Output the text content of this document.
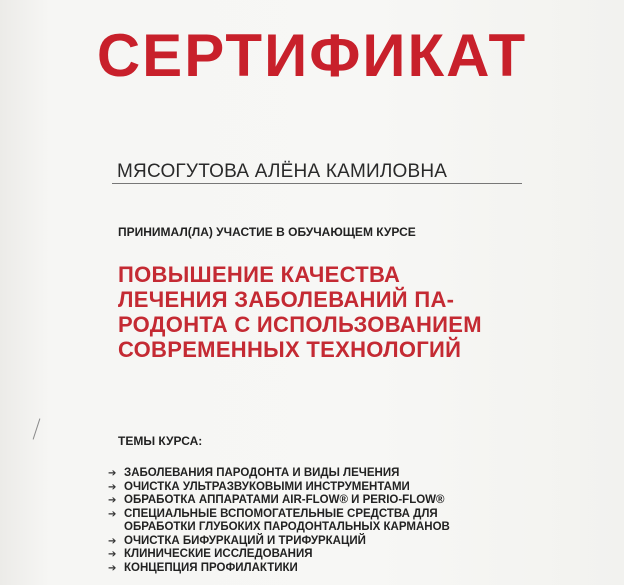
СЕРТИФИКАТ
МЯСОГУТОВА АЛЁНА КАМИЛОВНА
ПРИНИМАЛ(ЛА) УЧАСТИЕ В ОБУЧАЮЩЕМ КУРСЕ
ПОВЫШЕНИЕ КАЧЕСТВА
ЛЕЧЕНИЯ ЗАБОЛЕВАНИЙ ПА-
РОДОНТА С ИСПОЛЬЗОВАНИЕМ
СОВРЕМЕННЫХ ТЕХНОЛОГИЙ
ТЕМЫ КУРСА:
➔ ЗАБОЛЕВАНИЯ ПАРОДОНТА И ВИДЫ ЛЕЧЕНИЯ
➔ ОЧИСТКА УЛЬТРАЗВУКОВЫМИ ИНСТРУМЕНТАМИ
➔ ОБРАБОТКА АППАРАТАМИ AIR-FLOW® И PERIO-FLOW®
➔ СПЕЦИАЛЬНЫЕ ВСПОМОГАТЕЛЬНЫЕ СРЕДСТВА ДЛЯ
ОБРАБОТКИ ГЛУБОКИХ ПАРОДОНТАЛЬНЫХ КАРМАНОВ
➔ ОЧИСТКА БИФУРКАЦИЙ И ТРИФУРКАЦИЙ
➔ КЛИНИЧЕСКИЕ ИССЛЕДОВАНИЯ
➔ КОНЦЕПЦИЯ ПРОФИЛАКТИКИ
